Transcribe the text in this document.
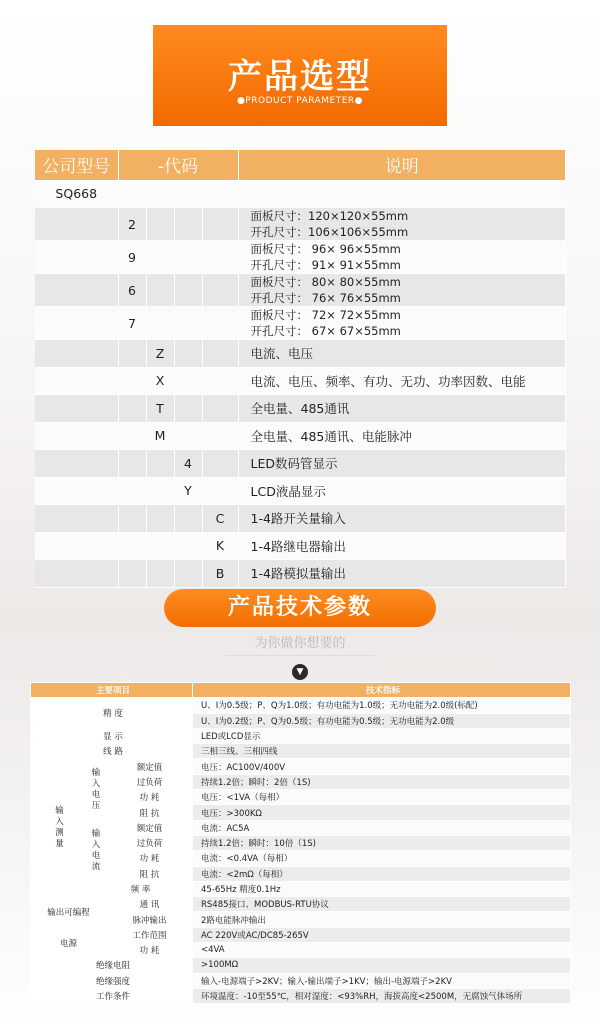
产品选型
●PRODUCT PARAMETER●
公司型号	-代码				说明
SQ668					
	2				面板尺寸：120×120×55mm开孔尺寸：106×106×55mm
	9				面板尺寸： 96× 96×55mm开孔尺寸： 91× 91×55mm
	6				面板尺寸： 80× 80×55mm开孔尺寸： 76× 76×55mm
	7				面板尺寸： 72× 72×55mm开孔尺寸： 67× 67×55mm
		Z			电流、电压
		X			电流、电压、频率、有功、无功、功率因数、电能
		T			全电量、485通讯
		M			全电量、485通讯、电能脉冲
			4		LED数码管显示
			Y		LCD液晶显示
				C	1-4路开关量输入
				K	1-4路继电器输出
				B	1-4路模拟量输出
产品技术参数
为你做你想要的
▼
主要项目			技术指标
精 度			U、I为0.5级；P、Q为1.0级；有功电能为1.0级；无功电能为2.0级(标配)
			U、I为0.2级；P、Q为0.5级；有功电能为0.5级；无功电能为2.0级
显 示			LED或LCD显示
线 路			三相三线、三相四线
输
入
测
量	输
入
电
压	额定值	电压：AC100V/400V
		过负荷	持续1.2倍；瞬时：2倍（1S)
		功 耗	电压：<1VA（每相）
		阻 抗	电压：>300KΩ
	输
入
电
流	额定值	电流：AC5A
		过负荷	持续1.2倍；瞬时：10倍（1S)
		功 耗	电流：<0.4VA（每相）
		阻 抗	电流：<2mΩ（每相）
	频 率		45-65Hz 精度0.1Hz
输出可编程		通 讯	RS485接口、MODBUS-RTU协议
		脉冲输出	2路电能脉冲输出
电源		工作范围	AC 220V或AC/DC85-265V
		功 耗	<4VA
绝缘电阻			>100MΩ
绝缘强度			输入-电源端子>2KV；输入-输出端子>1KV；输出-电源端子>2KV
工作条件			环境温度：-10至55℃，相对湿度：<93%RH，海拔高度<2500M，无腐蚀气体场所
